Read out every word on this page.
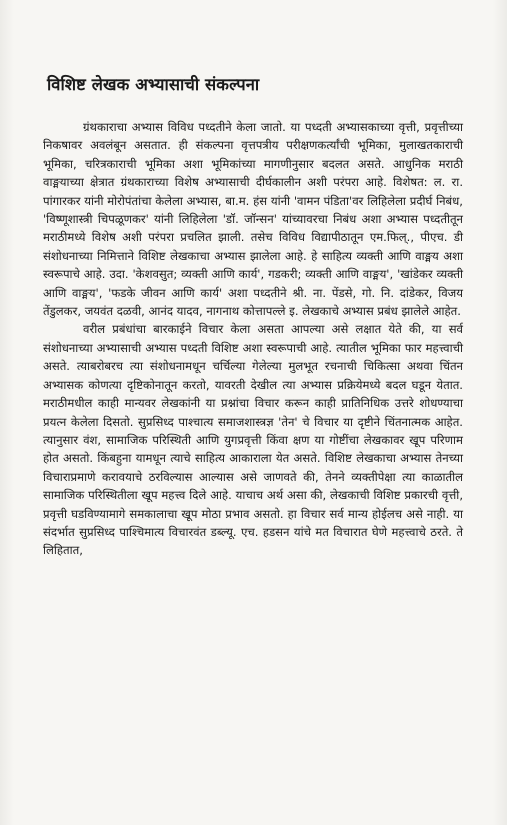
विशिष्ट लेखक अभ्यासाची संकल्पना

ग्रंथकाराचा अभ्यास विविध पध्दतीने केला जातो. या पध्दती अभ्यासकाच्या वृत्ती, प्रवृत्तीच्या निकषावर अवलंबून असतात. ही संकल्पना वृत्तपत्रीय परीक्षणकर्त्यांची भूमिका, मुलाखतकाराची भूमिका, चरित्रकाराची भूमिका अशा भूमिकांच्या मागणीनुसार बदलत असते. आधुनिक मराठी वाङ्मयाच्या क्षेत्रात ग्रंथकाराच्या विशेष अभ्यासाची दीर्घकालीन अशी परंपरा आहे. विशेषत: ल. रा. पांगारकर यांनी मोरोपंतांचा केलेला अभ्यास, बा.म. हंस यांनी 'वामन पंडिता'वर लिहिलेला प्रदीर्घ निबंध, 'विष्णूशास्त्री चिपळूणकर' यांनी लिहिलेला 'डॉ. जॉन्सन' यांच्यावरचा निबंध अशा अभ्यास पध्दतीतून मराठीमध्ये विशेष अशी परंपरा प्रचलित झाली. तसेच विविध विद्यापीठातून एम.फिल्., पीएच. डी संशोधनाच्या निमित्ताने विशिष्ट लेखकाचा अभ्यास झालेला आहे. हे साहित्य व्यक्ती आणि वाङ्मय अशा स्वरूपाचे आहे. उदा. 'केशवसुत; व्यक्ती आणि कार्य', गडकरी; व्यक्ती आणि वाङ्मय', 'खांडेकर व्यक्ती आणि वाङ्मय', 'फडके जीवन आणि कार्य' अशा पध्दतीने श्री. ना. पेंडसे, गो. नि. दांडेकर, विजय तेंडुलकर, जयवंत दळवी, आनंद यादव, नागनाथ कोत्तापल्ले इ. लेखकाचे अभ्यास प्रबंध झालेले आहेत.

वरील प्रबंधांचा बारकाईने विचार केला असता आपल्या असे लक्षात येते की, या सर्व संशोधनाच्या अभ्यासाची अभ्यास पध्दती विशिष्ट अशा स्वरूपाची आहे. त्यातील भूमिका फार महत्त्वाची असते. त्याबरोबरच त्या संशोधनामधून चर्चिल्या गेलेल्या मुलभूत रचनाची चिकित्सा अथवा चिंतन अभ्यासक कोणत्या दृष्टिकोनातून करतो, यावरती देखील त्या अभ्यास प्रक्रियेमध्ये बदल घडून येतात. मराठीमधील काही मान्यवर लेखकांनी या प्रश्नांचा विचार करून काही प्रातिनिधिक उत्तरे शोधण्याचा प्रयत्न केलेला दिसतो. सुप्रसिध्द पाश्चात्य समाजशास्त्रज्ञ 'तेन' चे विचार या दृष्टीने चिंतनात्मक आहेत. त्यानुसार वंश, सामाजिक परिस्थिती आणि युगप्रवृत्ती किंवा क्षण या गोष्टींचा लेखकावर खूप परिणाम होत असतो. किंबहुना यामधून त्याचे साहित्य आकाराला येत असते. विशिष्ट लेखकाचा अभ्यास तेनच्या विचाराप्रमाणे करावयाचे ठरविल्यास आल्यास असे जाणवते की, तेनने व्यक्तीपेक्षा त्या काळातील सामाजिक परिस्थितीला खूप महत्त्व दिले आहे. याचाच अर्थ असा की, लेखकाची विशिष्ट प्रकारची वृत्ती, प्रवृत्ती घडविण्यामागे समकालाचा खूप मोठा प्रभाव असतो. हा विचार सर्व मान्य होईलच असे नाही. या संदर्भात सुप्रसिध्द पाश्चिमात्य विचारवंत डब्ल्यू. एच. हडसन यांचे मत विचारात घेणे महत्त्वाचे ठरते. ते लिहितात,
